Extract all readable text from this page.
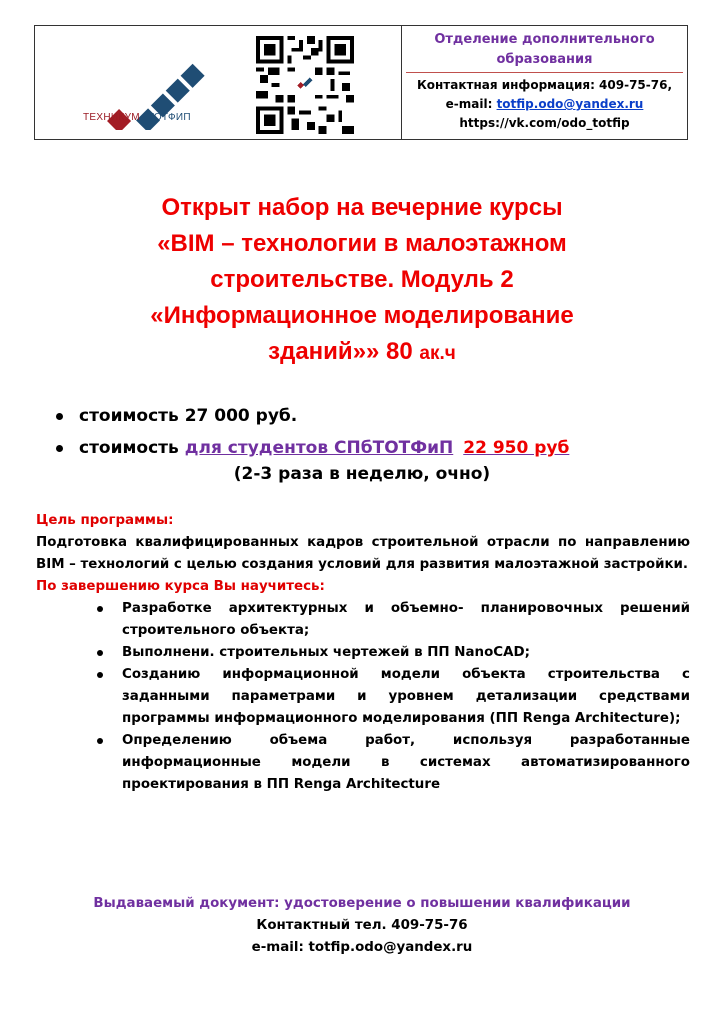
ТЕХНИКУМ ТОТФИП
Отделение дополнительного
образования
Контактная информация: 409-75-76,
e-mail: totfip.odo@yandex.ru
https://vk.com/odo_totfip
Открыт набор на вечерние курсы
«BIM – технологии в малоэтажном
строительстве. Модуль 2
«Информационное моделирование
зданий»» 80 ак.ч
стоимость 27 000 руб.
стоимость для студентов СПбТОТФиП 22 950 руб
(2-3 раза в неделю, очно)
Цель программы:
Подготовка квалифицированных кадров строительной отрасли по направлению BIM – технологий с целью создания условий для развития малоэтажной застройки.
По завершению курса Вы научитесь:
Разработке архитектурных и объемно- планировочных решений строительного объекта;
Выполнени. строительных чертежей в ПП NanoCAD;
Созданию информационной модели объекта строительства с заданными параметрами и уровнем детализации средствами программы информационного моделирования (ПП Renga Architecture);
Определению объема работ, используя разработанные информационные модели в системах автоматизированного проектирования в ПП Renga Architecture
Выдаваемый документ: удостоверение о повышении квалификации
Контактный тел. 409-75-76
e-mail: totfip.odo@yandex.ru
